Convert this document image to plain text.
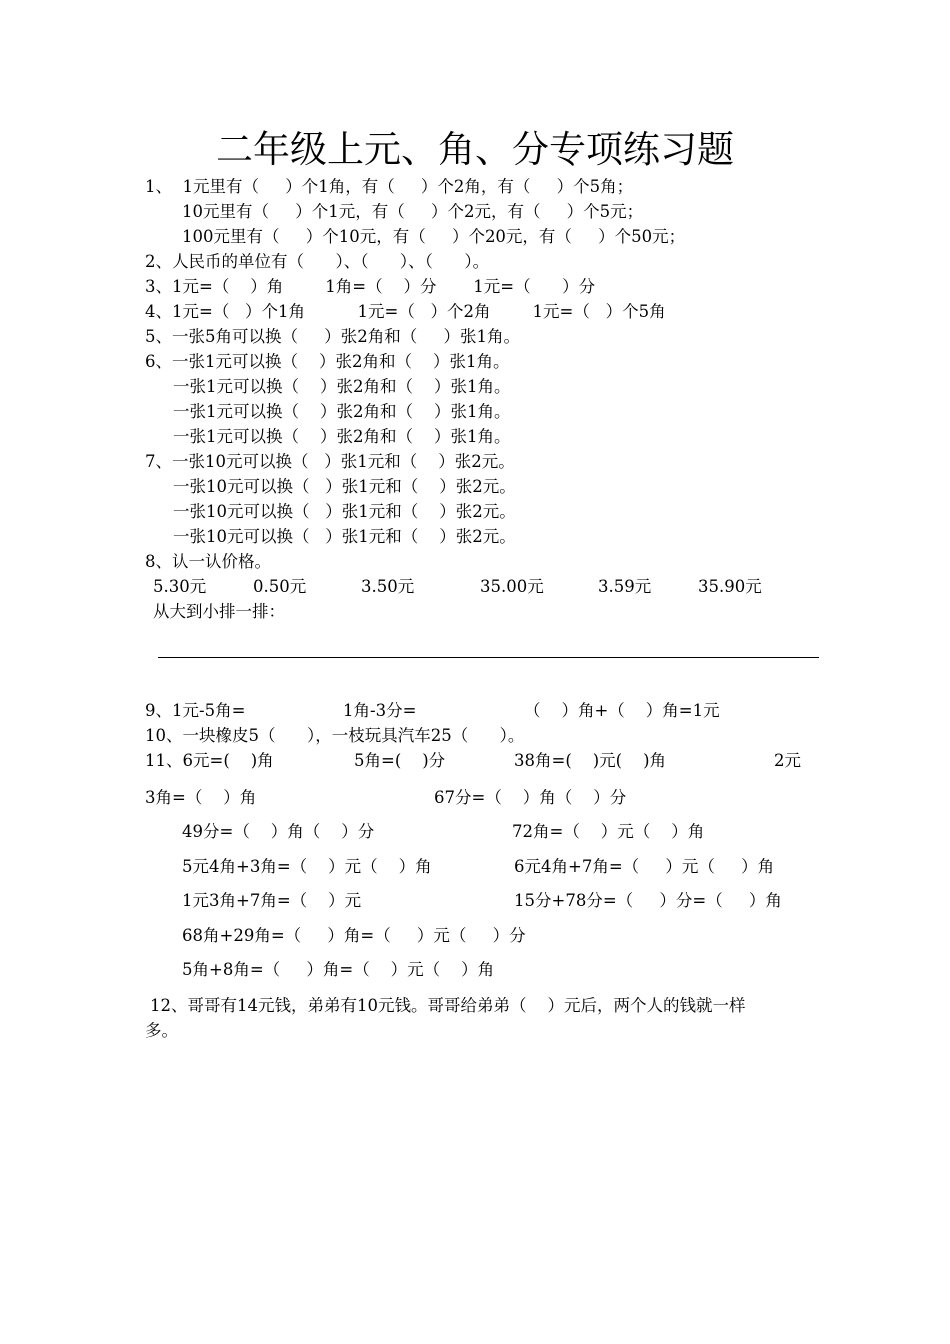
二年级上元、角、分专项练习题
1、  1元里有（     ）个1角，有（     ）个2角，有（     ）个5角；
10元里有（     ）个1元，有（     ）个2元，有（     ）个5元；
100元里有（     ）个10元，有（     ）个20元，有（     ）个50元；
2、人民币的单位有（      ）、（      ）、（      ）。
3、1元=（    ）角        1角=（    ）分       1元=（      ）分
4、1元=（   ）个1角          1元=（   ）个2角        1元=（   ）个5角
5、一张5角可以换（     ）张2角和（     ）张1角。
6、一张1元可以换（    ）张2角和（    ）张1角。
一张1元可以换（    ）张2角和（    ）张1角。
一张1元可以换（    ）张2角和（    ）张1角。
一张1元可以换（    ）张2角和（    ）张1角。
7、一张10元可以换（   ）张1元和（    ）张2元。
一张10元可以换（   ）张1元和（    ）张2元。
一张10元可以换（   ）张1元和（    ）张2元。
一张10元可以换（   ）张1元和（    ）张2元。
8、认一认价格。
5.30元	0.50元	3.50元	35.00元	3.59元	35.90元
从大到小排一排：
9、1元-5角=	1角-3分=	（    ）角+（    ）角=1元
10、一块橡皮5（      ），一枝玩具汽车25（      ）。
11、6元=(    )角	5角=(    )分	38角=(    )元(    )角	2元
3角=（    ）角	67分=（    ）角（    ）分
49分=（    ）角（    ）分	72角=（    ）元（    ）角
5元4角+3角=（    ）元（    ）角	6元4角+7角=（     ）元（     ）角
1元3角+7角=（    ）元	15分+78分=（     ）分=（     ）角
68角+29角=（     ）角=（     ）元（     ）分
5角+8角=（     ）角=（    ）元（    ）角
12、哥哥有14元钱，弟弟有10元钱。哥哥给弟弟（    ）元后，两个人的钱就一样
多。
